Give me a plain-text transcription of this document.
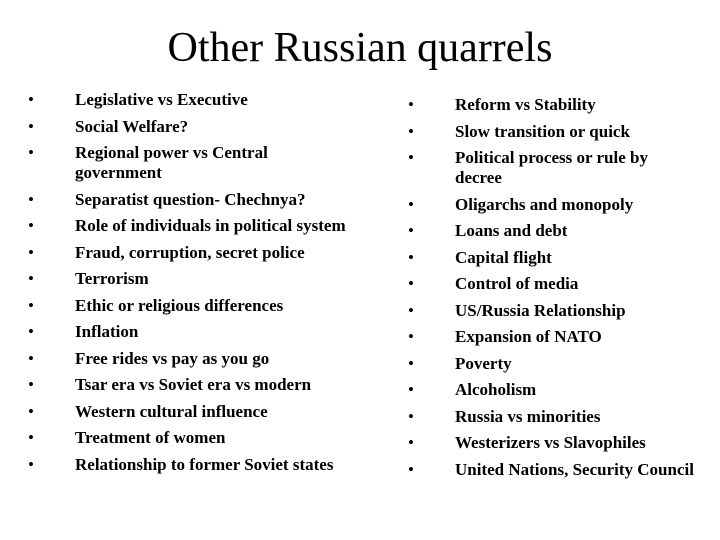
Other Russian quarrels
• Legislative vs Executive
• Social Welfare?
• Regional power vs Central government
• Separatist question- Chechnya?
• Role of individuals in political system
• Fraud, corruption, secret police
• Terrorism
• Ethic or religious differences
• Inflation
• Free rides vs pay as you go
• Tsar era vs Soviet era vs modern
• Western cultural influence
• Treatment of women
• Relationship to former Soviet states
• Reform vs Stability
• Slow transition or quick
• Political process or rule by decree
• Oligarchs and monopoly
• Loans and debt
• Capital flight
• Control of media
• US/Russia Relationship
• Expansion of NATO
• Poverty
• Alcoholism
• Russia vs minorities
• Westerizers vs Slavophiles
• United Nations, Security Council
